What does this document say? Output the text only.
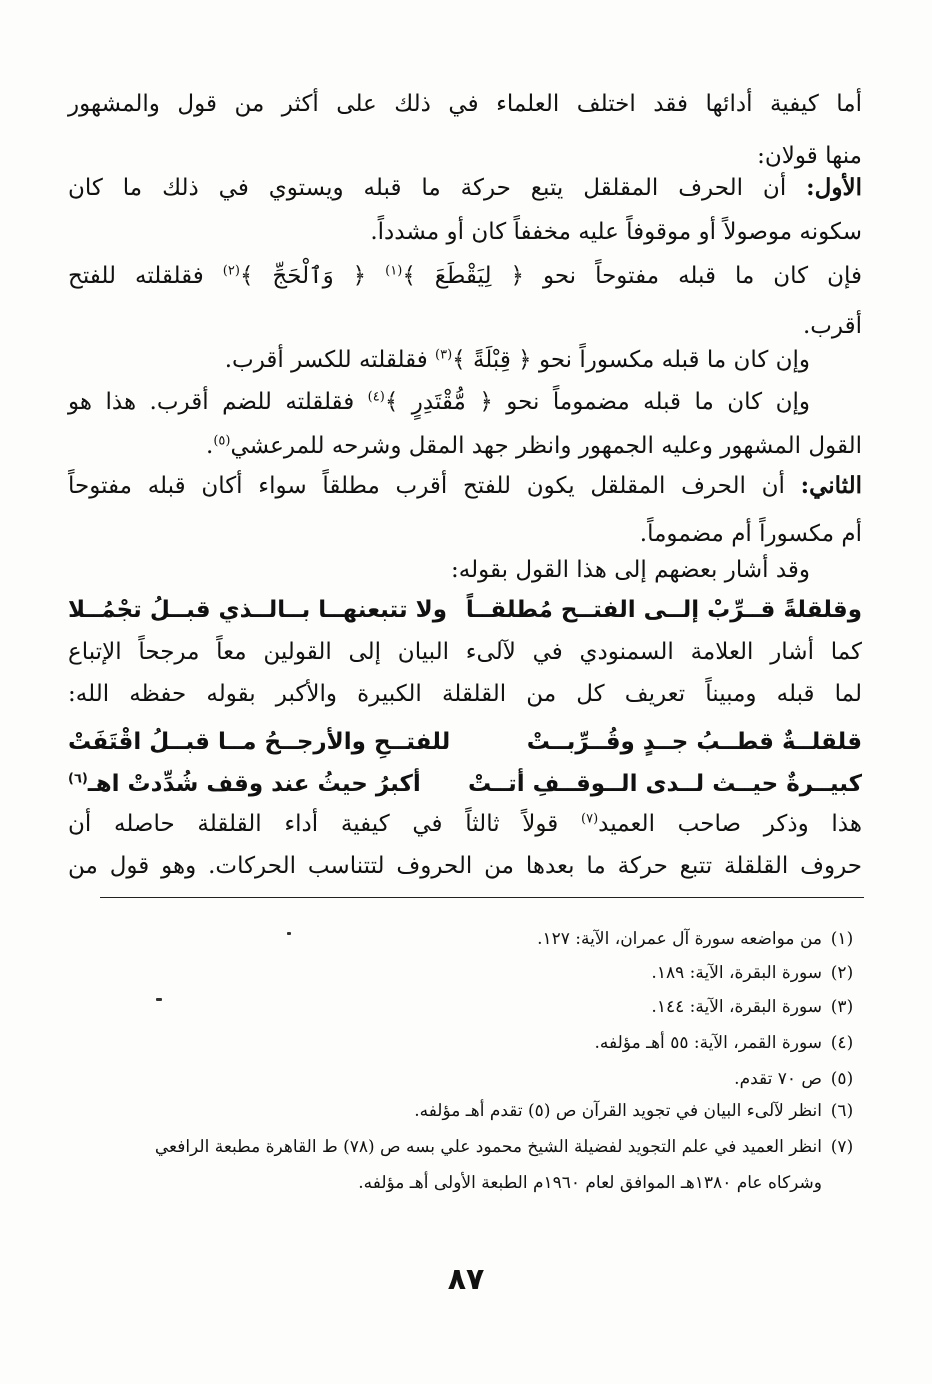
أما كيفية أدائها فقد اختلف العلماء في ذلك على أكثر من قول والمشهور
منها قولان:
الأول: أن الحرف المقلقل يتبع حركة ما قبله ويستوي في ذلك ما كان
سكونه موصولاً أو موقوفاً عليه مخففاً كان أو مشدداً.
فإن كان ما قبله مفتوحاً نحو ﴿ لِيَقْطَعَ ﴾$^{(١)}$ ﴿ وَٱلْحَجِّ ﴾$^{(٢)}$ فقلقلته للفتح
أقرب.
وإن كان ما قبله مكسوراً نحو ﴿ قِبْلَةً ﴾$^{(٣)}$ فقلقلته للكسر أقرب.
وإن كان ما قبله مضموماً نحو ﴿ مُّقْتَدِرٍ ﴾$^{(٤)}$ فقلقلته للضم أقرب. هذا هو
القول المشهور وعليه الجمهور وانظر جهد المقل وشرحه للمرعشي$^{(٥)}$.
الثاني: أن الحرف المقلقل يكون للفتح أقرب مطلقاً سواء أكان قبله مفتوحاً
أم مكسوراً أم مضموماً.
وقد أشار بعضهم إلى هذا القول بقوله:
وقلقلةً قــرِّبْ إلــى الفتــح مُطلقــاً
ولا تتبعنهــا بــالــذي قبــلُ تجْمُــلا
كما أشار العلامة السمنودي في لآلىء البيان إلى القولين معاً مرجحاً الإتباع
لما قبله ومبيناً تعريف كل من القلقلة الكبيرة والأكبر بقوله حفظه الله:
قلقلــةٌ قطــبُ جــدٍ وقُــرِّبــتْ
للفتــحِ والأرجــحُ مــا قبــلُ اقْتَفَتْ
كبيــرةٌ حيــث لــدى الــوقــفِ أتــتْ
أكبرُ حيثُ عند وقف شُدِّدتْ اهـ$^{(٦)}$
هذا وذكر صاحب العميد$^{(٧)}$ قولاً ثالثاً في كيفية أداء القلقلة حاصله أن
حروف القلقلة تتبع حركة ما بعدها من الحروف لتتناسب الحركات. وهو قول من
(١)من مواضعه سورة آل عمران، الآية: ١٢٧.
(٢)سورة البقرة، الآية: ١٨٩.
(٣)سورة البقرة، الآية: ١٤٤.
(٤)سورة القمر، الآية: ٥٥ أهـ مؤلفه.
(٥)ص ٧٠ تقدم.
(٦)انظر لآلىء البيان في تجويد القرآن ص (٥) تقدم أهـ مؤلفه.
(٧)انظر العميد في علم التجويد لفضيلة الشيخ محمود علي بسه ص (٧٨) ط القاهرة مطبعة الرافعي
وشركاه عام ١٣٨٠هـ الموافق لعام ١٩٦٠م الطبعة الأولى أهـ مؤلفه.
٨٧
